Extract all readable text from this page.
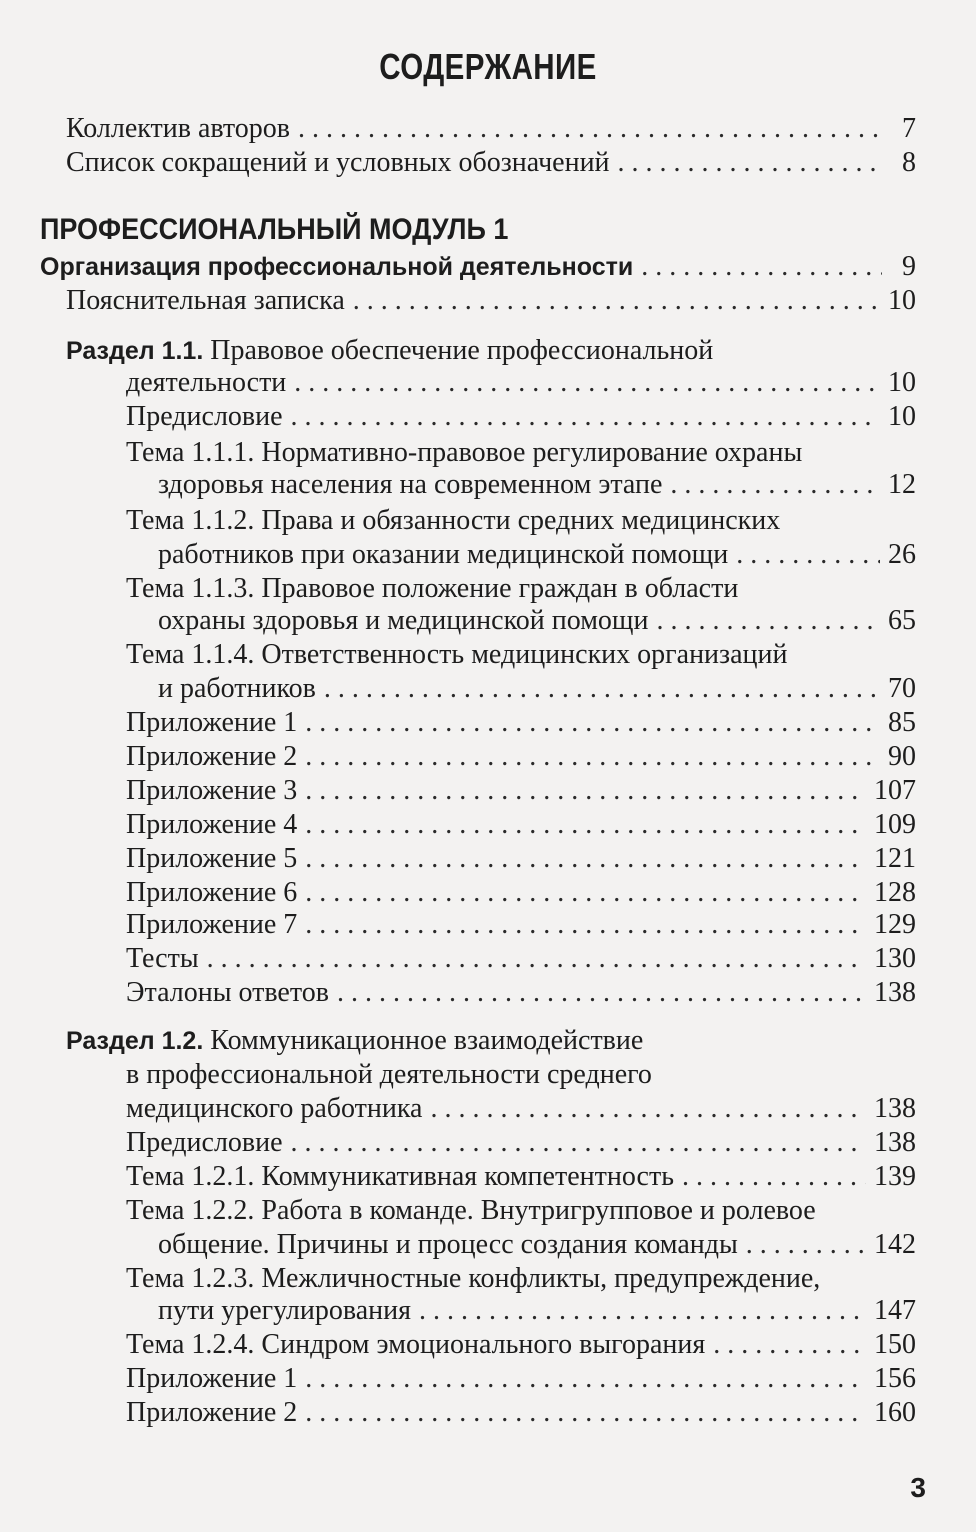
СОДЕРЖАНИЕ
Коллектив авторов . . .	7
Список сокращений и условных обозначений . . .	8
ПРОФЕССИОНАЛЬНЫЙ МОДУЛЬ 1
Организация профессиональной деятельности . . .	9
Пояснительная записка . . .	10
Раздел 1.1. Правовое обеспечение профессиональной
деятельности . . .	10
Предисловие . . .	10
Тема 1.1.1. Нормативно-правовое регулирование охраны
здоровья населения на современном этапе . . .	12
Тема 1.1.2. Права и обязанности средних медицинских
работников при оказании медицинской помощи . . .	26
Тема 1.1.3. Правовое положение граждан в области
охраны здоровья и медицинской помощи . . .	65
Тема 1.1.4. Ответственность медицинских организаций
и работников . . .	70
Приложение 1 . . .	85
Приложение 2 . . .	90
Приложение 3 . . .	107
Приложение 4 . . .	109
Приложение 5 . . .	121
Приложение 6 . . .	128
Приложение 7 . . .	129
Тесты . . .	130
Эталоны ответов . . .	138
Раздел 1.2. Коммуникационное взаимодействие
в профессиональной деятельности среднего
медицинского работника . . .	138
Предисловие . . .	138
Тема 1.2.1. Коммуникативная компетентность . . .	139
Тема 1.2.2. Работа в команде. Внутригрупповое и ролевое
общение. Причины и процесс создания команды . . .	142
Тема 1.2.3. Межличностные конфликты, предупреждение,
пути урегулирования . . .	147
Тема 1.2.4. Синдром эмоционального выгорания . . .	150
Приложение 1 . . .	156
Приложение 2 . . .	160
3
